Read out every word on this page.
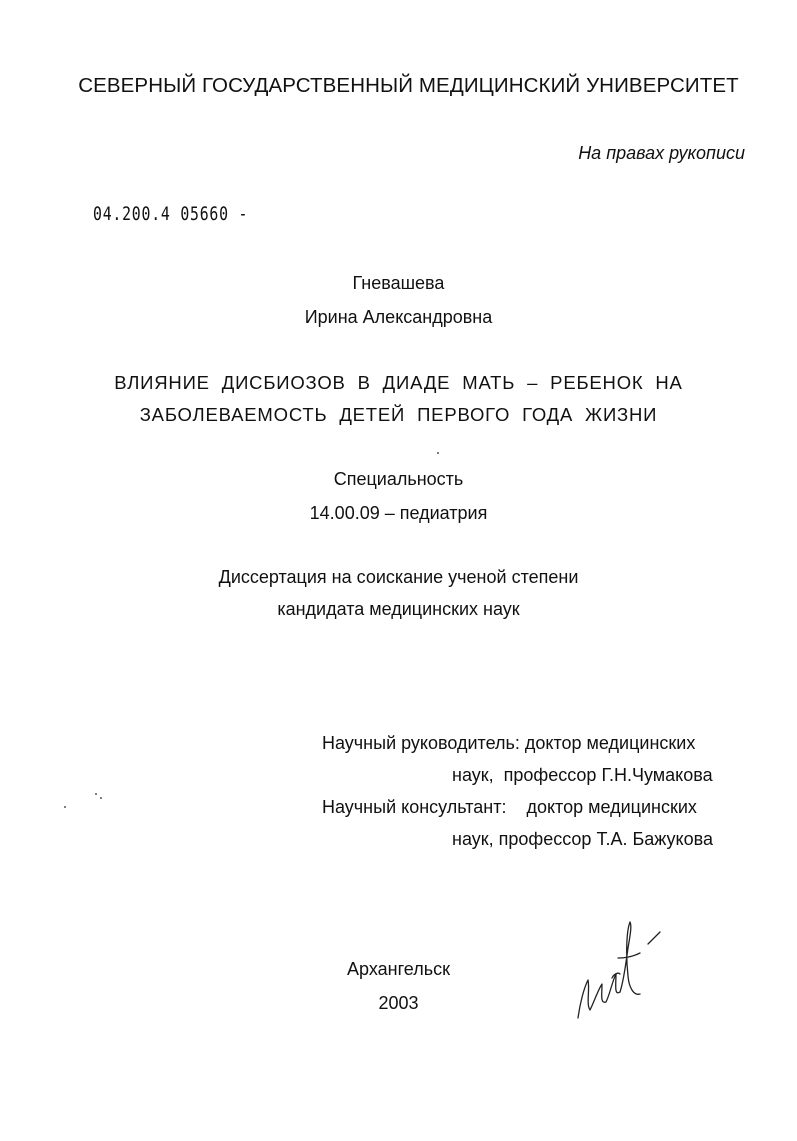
СЕВЕРНЫЙ ГОСУДАРСТВЕННЫЙ МЕДИЦИНСКИЙ УНИВЕРСИТЕТ
На правах рукописи
04.200.4 05660 -
Гневашева
Ирина Александровна
ВЛИЯНИЕ ДИСБИОЗОВ В ДИАДЕ МАТЬ – РЕБЕНОК НА
ЗАБОЛЕВАЕМОСТЬ ДЕТЕЙ ПЕРВОГО ГОДА ЖИЗНИ
Специальность
14.00.09 – педиатрия
Диссертация на соискание ученой степени
кандидата медицинских наук
Научный руководитель: доктор медицинских
наук,  профессор Г.Н.Чумакова
Научный консультант:    доктор медицинских
наук, профессор Т.А. Бажукова
Архангельск
2003
